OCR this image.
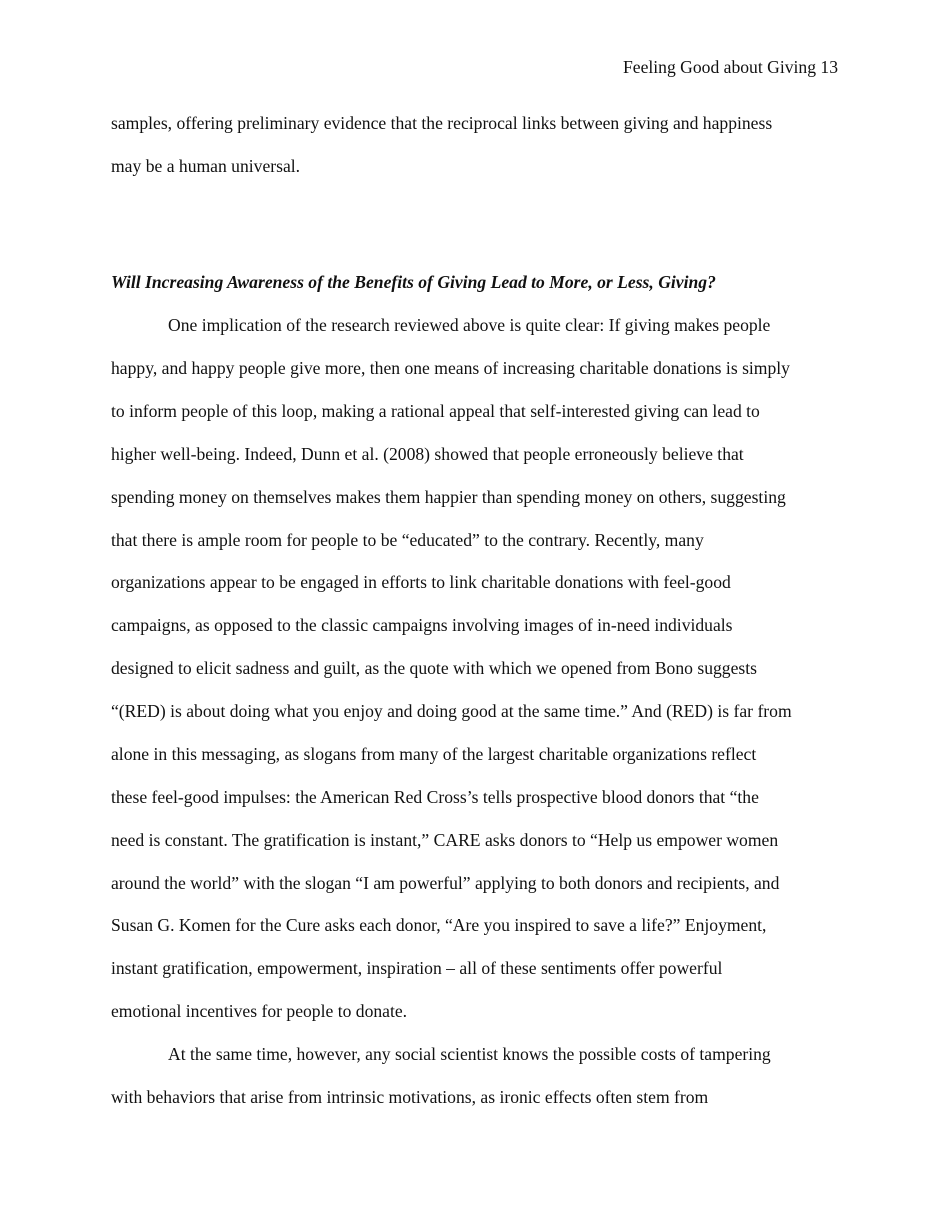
Feeling Good about Giving 13
samples, offering preliminary evidence that the reciprocal links between giving and happiness
may be a human universal.
Will Increasing Awareness of the Benefits of Giving Lead to More, or Less, Giving?
One implication of the research reviewed above is quite clear: If giving makes people
happy, and happy people give more, then one means of increasing charitable donations is simply
to inform people of this loop, making a rational appeal that self-interested giving can lead to
higher well-being. Indeed, Dunn et al. (2008) showed that people erroneously believe that
spending money on themselves makes them happier than spending money on others, suggesting
that there is ample room for people to be “educated” to the contrary. Recently, many
organizations appear to be engaged in efforts to link charitable donations with feel-good
campaigns, as opposed to the classic campaigns involving images of in-need individuals
designed to elicit sadness and guilt, as the quote with which we opened from Bono suggests
“(RED) is about doing what you enjoy and doing good at the same time.” And (RED) is far from
alone in this messaging, as slogans from many of the largest charitable organizations reflect
these feel-good impulses: the American Red Cross’s tells prospective blood donors that “the
need is constant. The gratification is instant,” CARE asks donors to “Help us empower women
around the world” with the slogan “I am powerful” applying to both donors and recipients, and
Susan G. Komen for the Cure asks each donor, “Are you inspired to save a life?” Enjoyment,
instant gratification, empowerment, inspiration – all of these sentiments offer powerful
emotional incentives for people to donate.
At the same time, however, any social scientist knows the possible costs of tampering
with behaviors that arise from intrinsic motivations, as ironic effects often stem from
